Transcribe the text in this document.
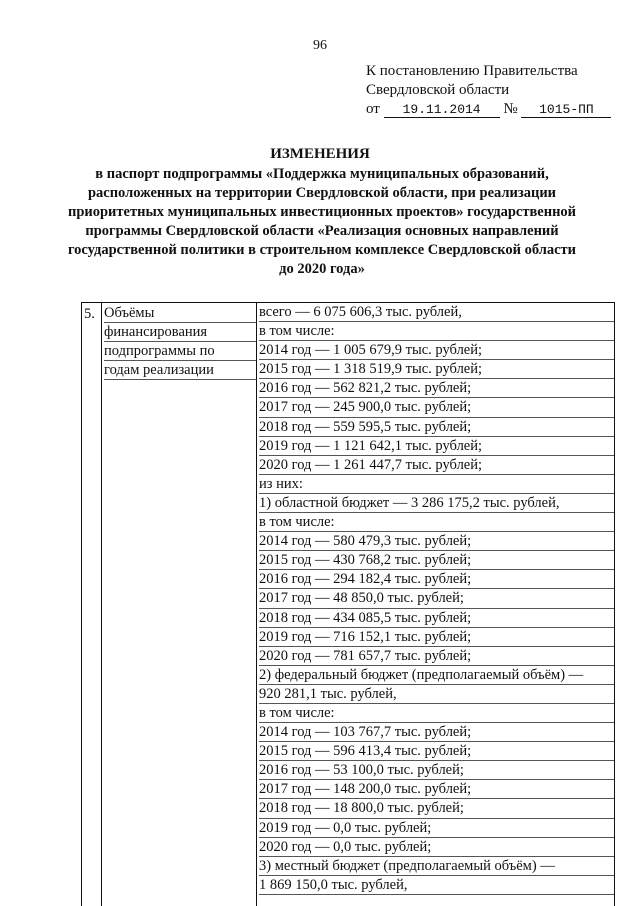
96
К постановлению Правительства
Свердловской области
от 19.11.2014 № 1015-ПП
ИЗМЕНЕНИЯ
в паспорт подпрограммы «Поддержка муниципальных образований, расположенных на территории Свердловской области, при реализации приоритетных муниципальных инвестиционных проектов» государственной программы Свердловской области «Реализация основных направлений государственной политики в строительном комплексе Свердловской области до 2020 года»
5. Объёмы
финансирования
подпрограммы по
годам реализации
всего — 6 075 606,3 тыс. рублей,
в том числе:
2014 год — 1 005 679,9 тыс. рублей;
2015 год — 1 318 519,9 тыс. рублей;
2016 год — 562 821,2 тыс. рублей;
2017 год — 245 900,0 тыс. рублей;
2018 год — 559 595,5 тыс. рублей;
2019 год — 1 121 642,1 тыс. рублей;
2020 год — 1 261 447,7 тыс. рублей;
из них:
1) областной бюджет — 3 286 175,2 тыс. рублей,
в том числе:
2014 год — 580 479,3 тыс. рублей;
2015 год — 430 768,2 тыс. рублей;
2016 год — 294 182,4 тыс. рублей;
2017 год — 48 850,0 тыс. рублей;
2018 год — 434 085,5 тыс. рублей;
2019 год — 716 152,1 тыс. рублей;
2020 год — 781 657,7 тыс. рублей;
2) федеральный бюджет (предполагаемый объём) —
920 281,1 тыс. рублей,
в том числе:
2014 год — 103 767,7 тыс. рублей;
2015 год — 596 413,4 тыс. рублей;
2016 год — 53 100,0 тыс. рублей;
2017 год — 148 200,0 тыс. рублей;
2018 год — 18 800,0 тыс. рублей;
2019 год — 0,0 тыс. рублей;
2020 год — 0,0 тыс. рублей;
3) местный бюджет (предполагаемый объём) —
1 869 150,0 тыс. рублей,
